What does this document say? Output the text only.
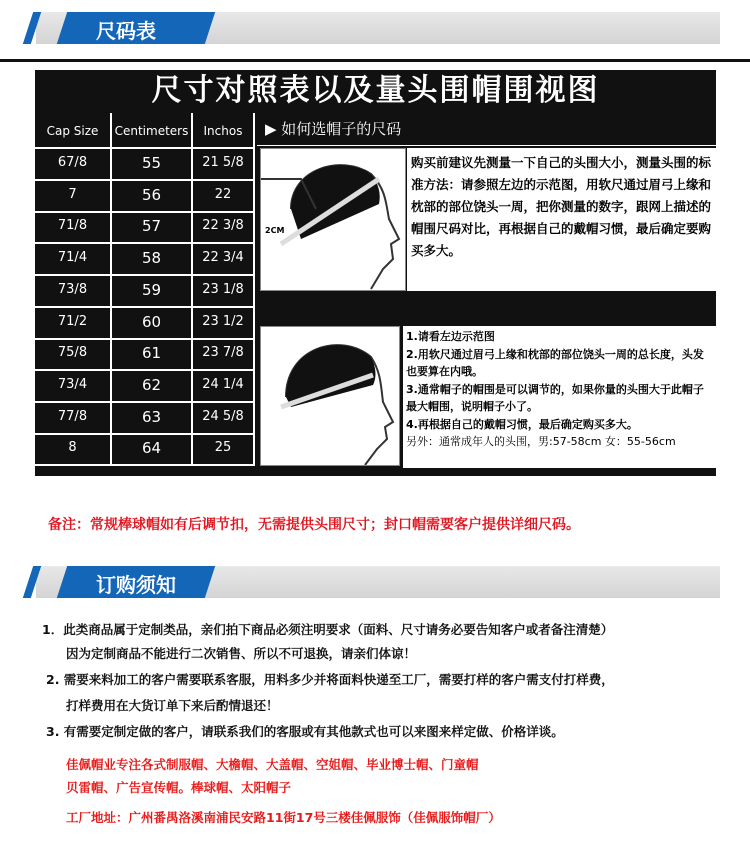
尺码表
尺寸对照表以及量头围帽围视图
Cap Size	Centimeters	Inchos
67/8	55	21 5/8
7	56	22
71/8	57	22 3/8
71/4	58	22 3/4
73/8	59	23 1/8
71/2	60	23 1/2
75/8	61	23 7/8
73/4	62	24 1/4
77/8	63	24 5/8
8	64	25
▶ 如何选帽子的尺码
2CM
购买前建议先测量一下自己的头围大小，测量头围的标准方法：请参照左边的示范图，用软尺通过眉弓上缘和枕部的部位饶头一周，把你测量的数字，跟网上描述的帽围尺码对比，再根据自己的戴帽习惯，最后确定要购买多大。
1.请看左边示范图
2.用软尺通过眉弓上缘和枕部的部位饶头一周的总长度，头发也要算在内哦。
3.通常帽子的帽围是可以调节的，如果你量的头围大于此帽子最大帽围，说明帽子小了。
4.再根据自己的戴帽习惯，最后确定购买多大。
另外：通常成年人的头围，男:57-58cm 女：55-56cm
备注：常规棒球帽如有后调节扣，无需提供头围尺寸；封口帽需要客户提供详细尺码。
订购须知
1．此类商品属于定制类品，亲们拍下商品必须注明要求（面料、尺寸请务必要告知客户或者备注清楚）
因为定制商品不能进行二次销售、所以不可退换，请亲们体谅！
2. 需要来料加工的客户需要联系客服，用料多少并将面料快递至工厂，需要打样的客户需支付打样费，
打样费用在大货订单下来后酌情退还！
3. 有需要定制定做的客户，请联系我们的客服或有其他款式也可以来图来样定做、价格详谈。
佳佩帽业专注各式制服帽、大檐帽、大盖帽、空姐帽、毕业博士帽、门童帽
贝雷帽、广告宣传帽。棒球帽、太阳帽子
工厂地址：广州番禺洛溪南浦民安路11街17号三楼佳佩服饰（佳佩服饰帽厂）
